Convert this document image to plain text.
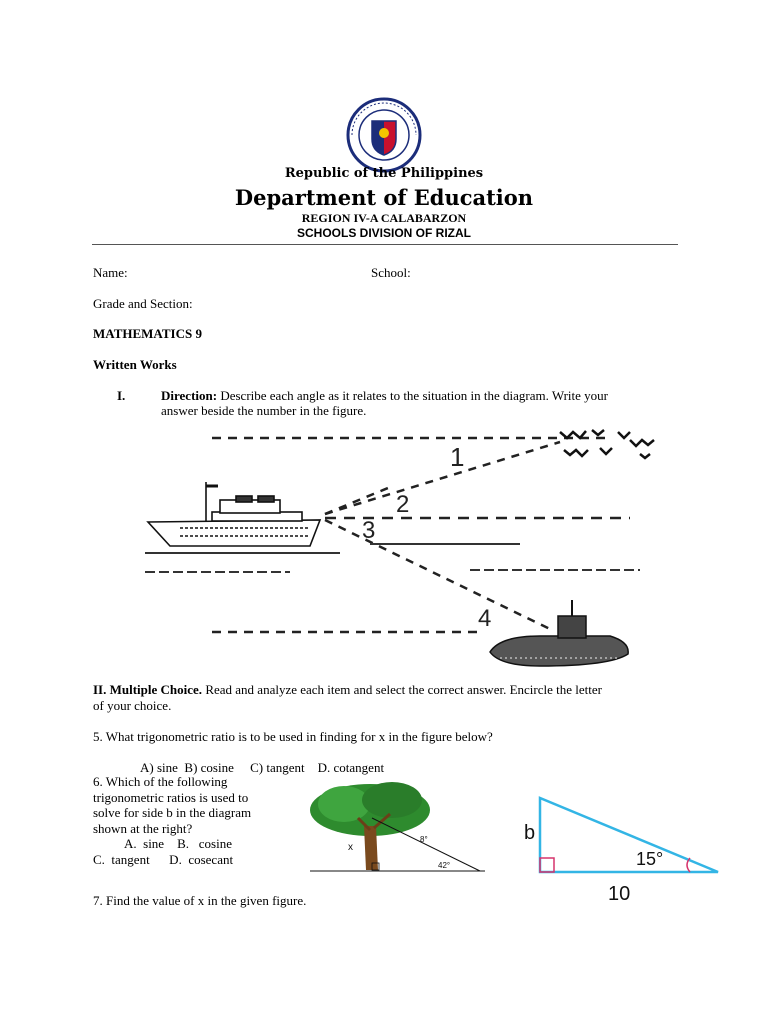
Republic of the Philippines
Department of Education
REGION IV-A CALABARZON
SCHOOLS DIVISION OF RIZAL
Name:	School:
Grade and Section:
MATHEMATICS 9
Written Works
I.	Direction: Describe each angle as it relates to the situation in the diagram. Write your
answer beside the number in the figure.
1
2
3
4
II. Multiple Choice. Read and analyze each item and select the correct answer. Encircle the letter
of your choice.
5. What trigonometric ratio is to be used in finding for x in the figure below?
A) sine  B) cosine     C) tangent    D. cotangent
6. Which of the following
trigonometric ratios is used to
solve for side b in the diagram
shown at the right?
A.  sine    B.   cosine
C.  tangent      D.  cosecant
x
8°
42°
b
15°
10
7. Find the value of x in the given figure.
